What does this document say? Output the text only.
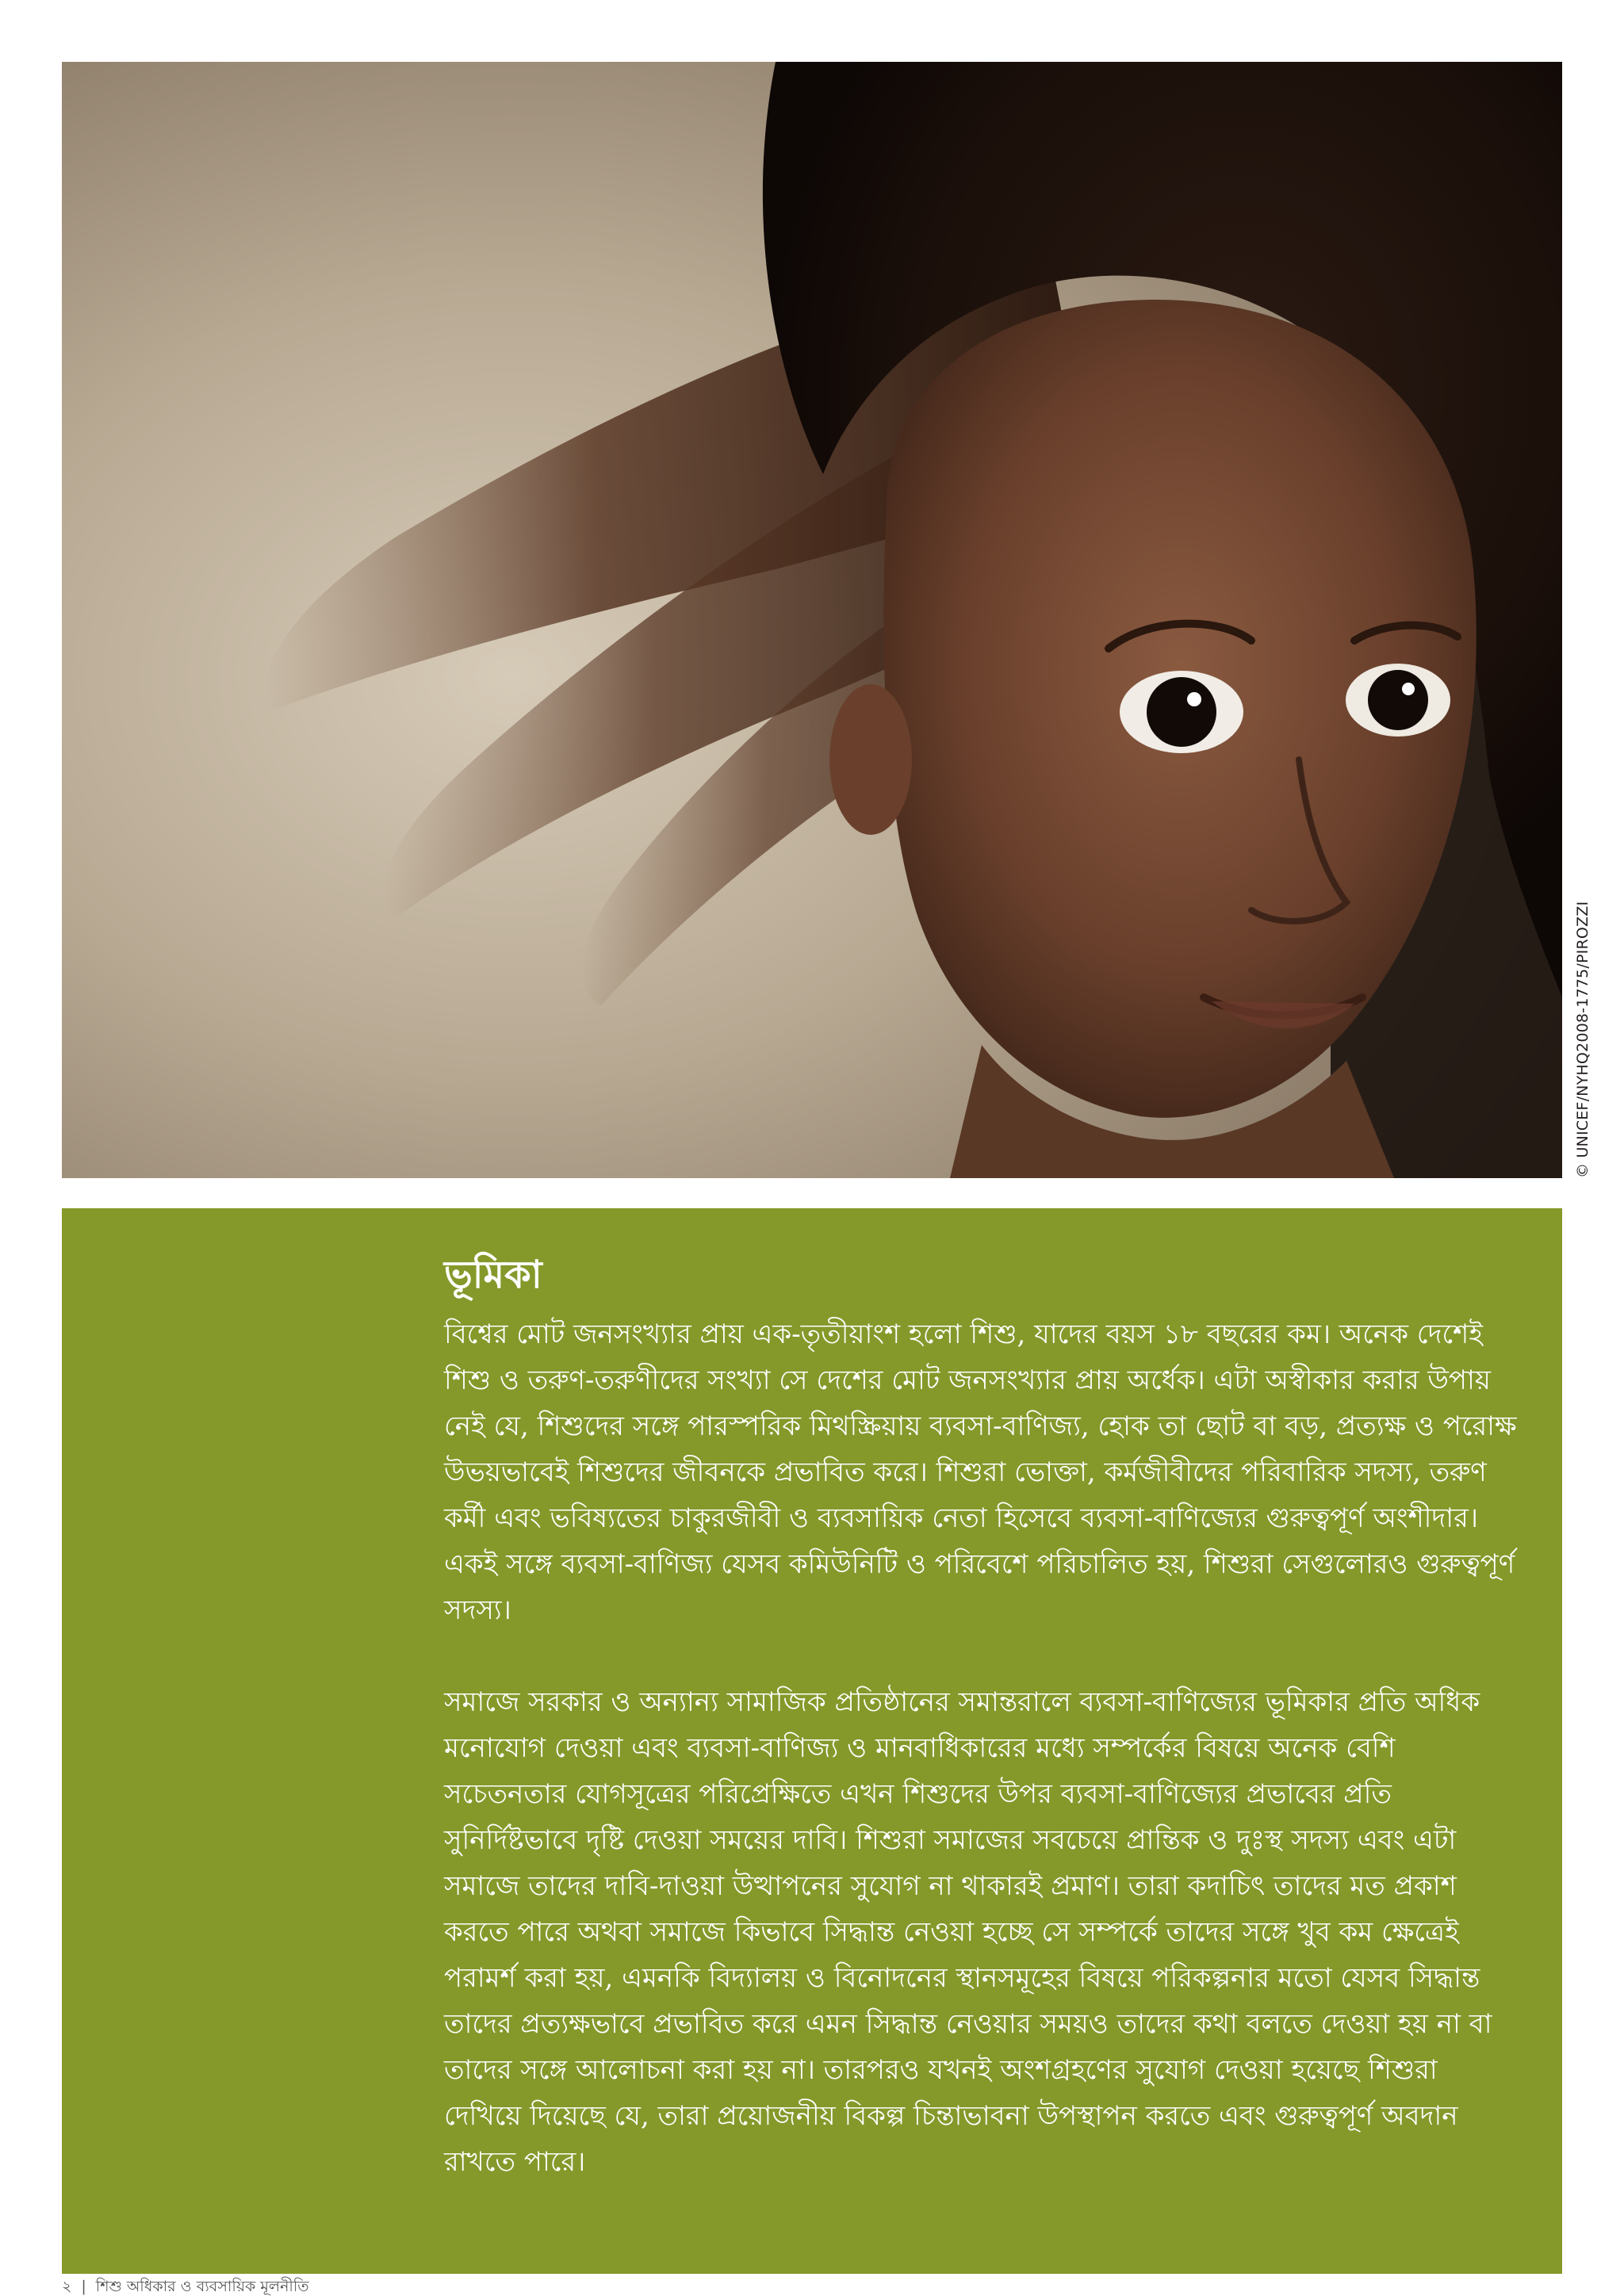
© UNICEF/NYHQ2008-1775/PIROZZI
ভূমিকা

বিশ্বের মোট জনসংখ্যার প্রায় এক-তৃতীয়াংশ হলো শিশু, যাদের বয়স ১৮ বছরের কম। অনেক দেশেই শিশু ও তরুণ-তরুণীদের সংখ্যা সে দেশের মোট জনসংখ্যার প্রায় অর্ধেক। এটা অস্বীকার করার উপায় নেই যে, শিশুদের সঙ্গে পারস্পরিক মিথস্ক্রিয়ায় ব্যবসা-বাণিজ্য, হোক তা ছোট বা বড়, প্রত্যক্ষ ও পরোক্ষ উভয়ভাবেই শিশুদের জীবনকে প্রভাবিত করে। শিশুরা ভোক্তা, কর্মজীবীদের পরিবারিক সদস্য, তরুণ কর্মী এবং ভবিষ্যতের চাকুরজীবী ও ব্যবসায়িক নেতা হিসেবে ব্যবসা-বাণিজ্যের গুরুত্বপূর্ণ অংশীদার। একই সঙ্গে ব্যবসা-বাণিজ্য যেসব কমিউনিটি ও পরিবেশে পরিচালিত হয়, শিশুরা সেগুলোরও গুরুত্বপূর্ণ সদস্য।

সমাজে সরকার ও অন্যান্য সামাজিক প্রতিষ্ঠানের সমান্তরালে ব্যবসা-বাণিজ্যের ভূমিকার প্রতি অধিক মনোযোগ দেওয়া এবং ব্যবসা-বাণিজ্য ও মানবাধিকারের মধ্যে সম্পর্কের বিষয়ে অনেক বেশি সচেতনতার যোগসূত্রের পরিপ্রেক্ষিতে এখন শিশুদের উপর ব্যবসা-বাণিজ্যের প্রভাবের প্রতি সুনির্দিষ্টভাবে দৃষ্টি দেওয়া সময়ের দাবি। শিশুরা সমাজের সবচেয়ে প্রান্তিক ও দুঃস্থ সদস্য এবং এটা সমাজে তাদের দাবি-দাওয়া উত্থাপনের সুযোগ না থাকারই প্রমাণ। তারা কদাচিৎ তাদের মত প্রকাশ করতে পারে অথবা সমাজে কিভাবে সিদ্ধান্ত নেওয়া হচ্ছে সে সম্পর্কে তাদের সঙ্গে খুব কম ক্ষেত্রেই পরামর্শ করা হয়, এমনকি বিদ্যালয় ও বিনোদনের স্থানসমূহের বিষয়ে পরিকল্পনার মতো যেসব সিদ্ধান্ত তাদের প্রত্যক্ষভাবে প্রভাবিত করে এমন সিদ্ধান্ত নেওয়ার সময়ও তাদের কথা বলতে দেওয়া হয় না বা তাদের সঙ্গে আলোচনা করা হয় না। তারপরও যখনই অংশগ্রহণের সুযোগ দেওয়া হয়েছে শিশুরা দেখিয়ে দিয়েছে যে, তারা প্রয়োজনীয় বিকল্প চিন্তাভাবনা উপস্থাপন করতে এবং গুরুত্বপূর্ণ অবদান রাখতে পারে।

২ | শিশু অধিকার ও ব্যবসায়িক মূলনীতি
